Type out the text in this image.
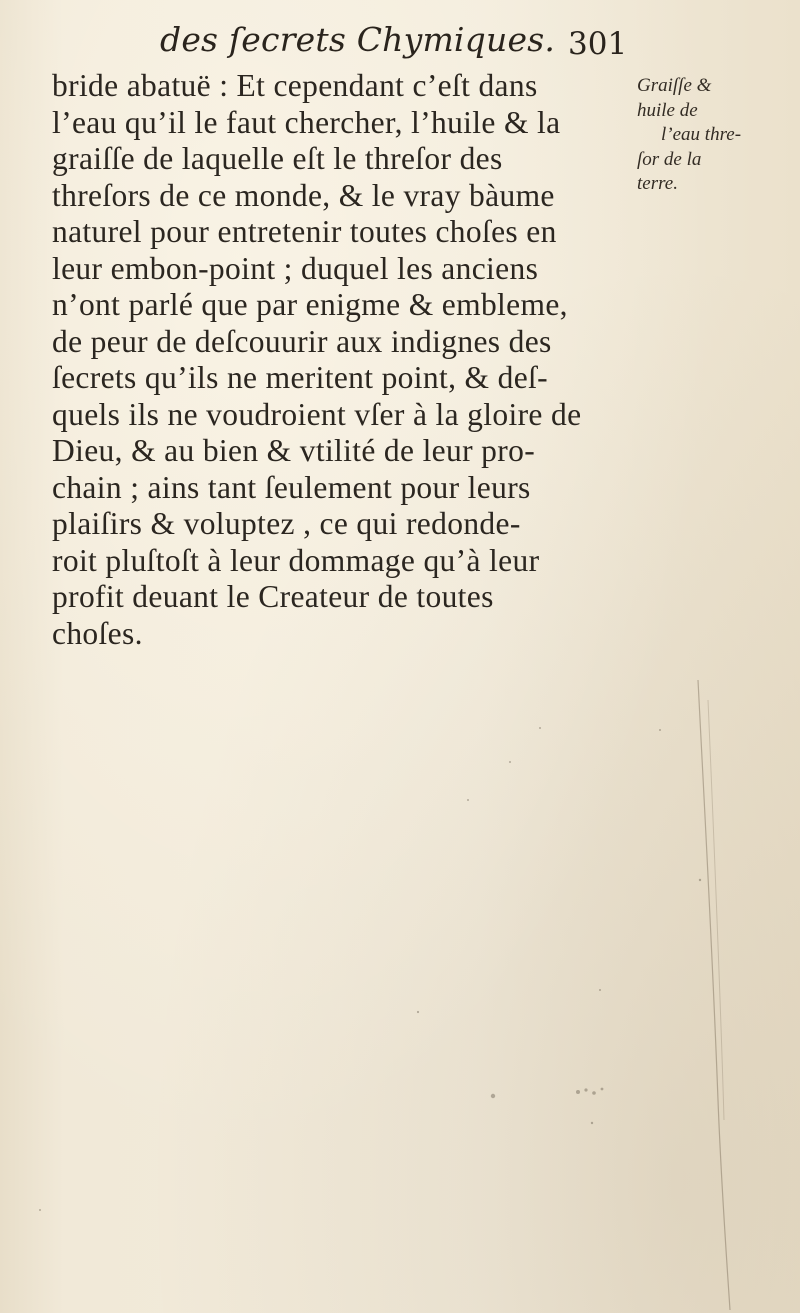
des ſecrets Chymiques. 301
bride abatuë : Et cependant c’eſt dans
l’eau qu’il le faut chercher, l’huile & la
graiſſe de laquelle eſt le threſor des
threſors de ce monde, & le vray bàume
naturel pour entretenir toutes choſes en
leur embon-point ; duquel les anciens
n’ont parlé que par enigme & embleme,
de peur de deſcouurir aux indignes des
ſecrets qu’ils ne meritent point, & deſ-
quels ils ne voudroient vſer à la gloire de
Dieu, & au bien & vtilité de leur pro-
chain ; ains tant ſeulement pour leurs
plaiſirs & voluptez , ce qui redonde-
roit pluſtoſt à leur dommage qu’à leur
profit deuant le Createur de toutes
choſes.
Graiſſe &
huile de
l’eau thre-
ſor de la
terre.
